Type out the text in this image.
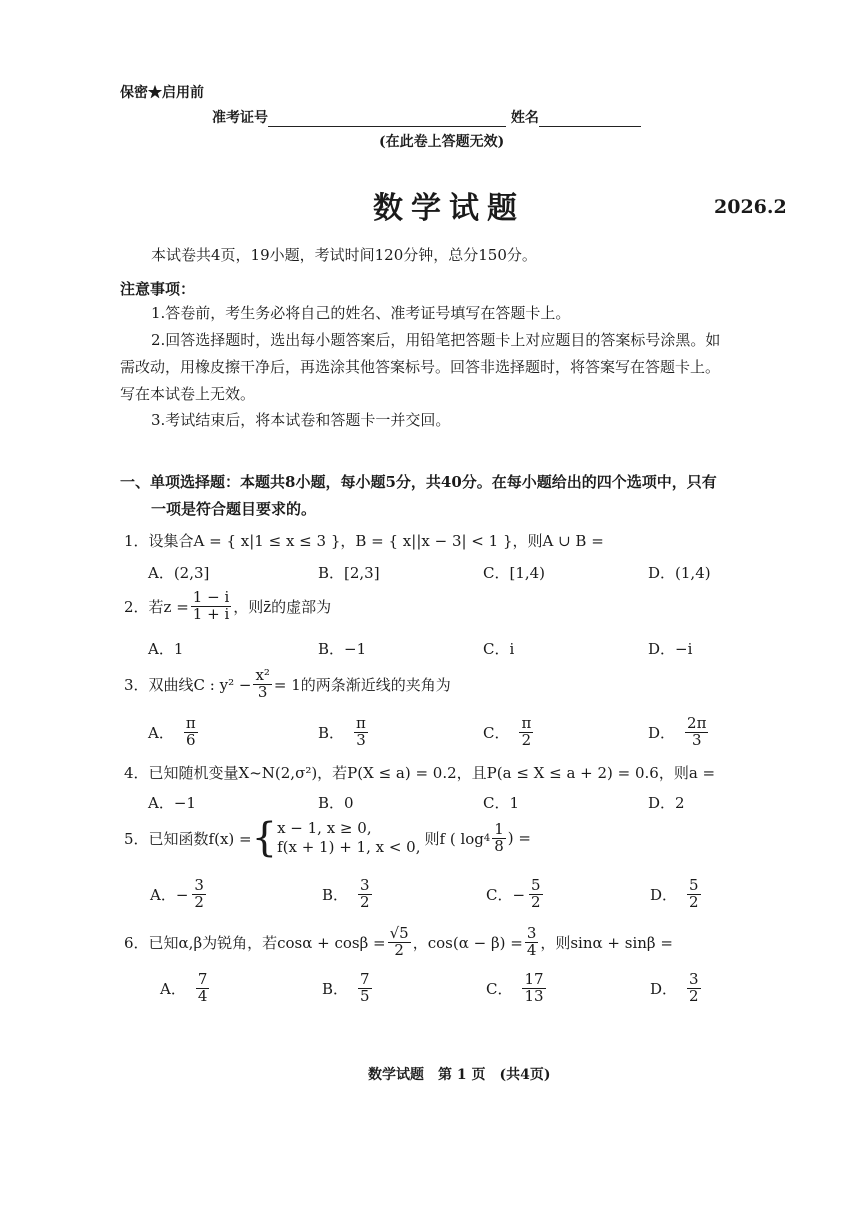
保密★启用前
准考证号	姓名
(在此卷上答题无效)
数学试题	2026.2
本试卷共4页，19小题，考试时间120分钟，总分150分。
注意事项：
1.答卷前，考生务必将自己的姓名、准考证号填写在答题卡上。
2.回答选择题时，选出每小题答案后，用铅笔把答题卡上对应题目的答案标号涂黑。如
需改动，用橡皮擦干净后，再选涂其他答案标号。回答非选择题时，将答案写在答题卡上。
写在本试卷上无效。
3.考试结束后，将本试卷和答题卡一并交回。
一、单项选择题：本题共8小题，每小题5分，共40分。在每小题给出的四个选项中，只有
一项是符合题目要求的。
1．设集合A = { x|1 ≤ x ≤ 3 }，B = { x||x − 3| < 1 }，则A ∪ B =
A．(2,3]	B．[2,3]	C．[1,4)	D．(1,4)
2．若$z = \frac{1 - i}{1 + i}$ ，则z̄的虚部为
A．1	B．−1	C．i	D．−i
3．双曲线C : $y^2 - \frac{\text{x²}}{3} = 1$的两条渐近线的夹角为
A． $\frac{\pi}{6}$	B． $\frac{\pi}{3}$	C． $\frac{\pi}{2}$	D． $\frac{2\pi}{3}$
4．已知随机变量X~N(2,σ²)，若P(X ≤ a) = 0.2，且P(a ≤ X ≤ a + 2) = 0.6，则a =
A．−1	B．0	C．1	D．2
5．已知函数f(x) = { x − 1, x ≥ 0,
f(x + 1) + 1, x < 0, 则f ( $\log 4 \frac{1}{8}$ ) =
A．− $\frac{3}{2}$	B． $\frac{3}{2}$	C．− $\frac{5}{2}$	D． $\frac{5}{2}$
6．已知α,β为锐角，若$\cos\alpha + \cos\beta = \frac{√5}{2}$ ，$\cos(\alpha - \beta) = \frac{3}{4}$ ，则sinα + sinβ =
A． $\frac{7}{4}$	B． $\frac{7}{5}$	C． $\frac{17}{13}$	D． $\frac{3}{2}$
数学试题　第 1 页　(共4页)
